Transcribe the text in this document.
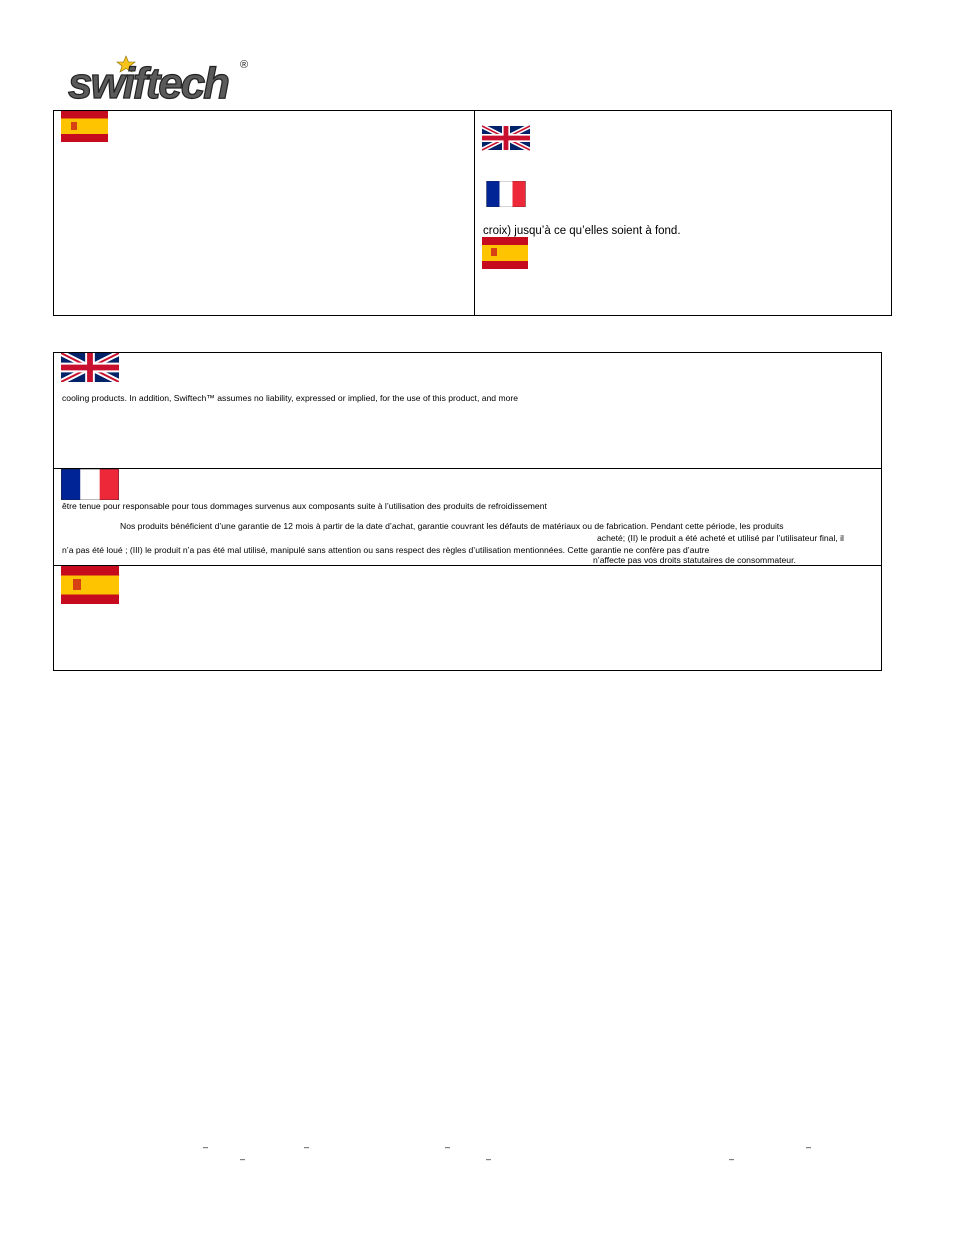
swiftech ®
croix) jusqu’à ce qu’elles soient à fond.
cooling products. In addition, Swiftech™ assumes no liability, expressed or implied, for the use of this product, and more
être tenue pour responsable pour tous dommages survenus aux composants suite à l’utilisation des produits de refroidissement
Nos produits bénéficient d’une garantie de 12 mois à partir de la date d’achat, garantie couvrant les défauts de matériaux ou de fabrication. Pendant cette période, les produits
acheté; (II) le produit a été acheté et utilisé par l’utilisateur final, il
n’a pas été loué ; (III) le produit n’a pas été mal utilisé, manipulé sans attention ou sans respect des règles d’utilisation mentionnées. Cette garantie ne confère pas d’autre
n’affecte pas vos droits statutaires de consommateur.
–	–	–	–
–	–	–
